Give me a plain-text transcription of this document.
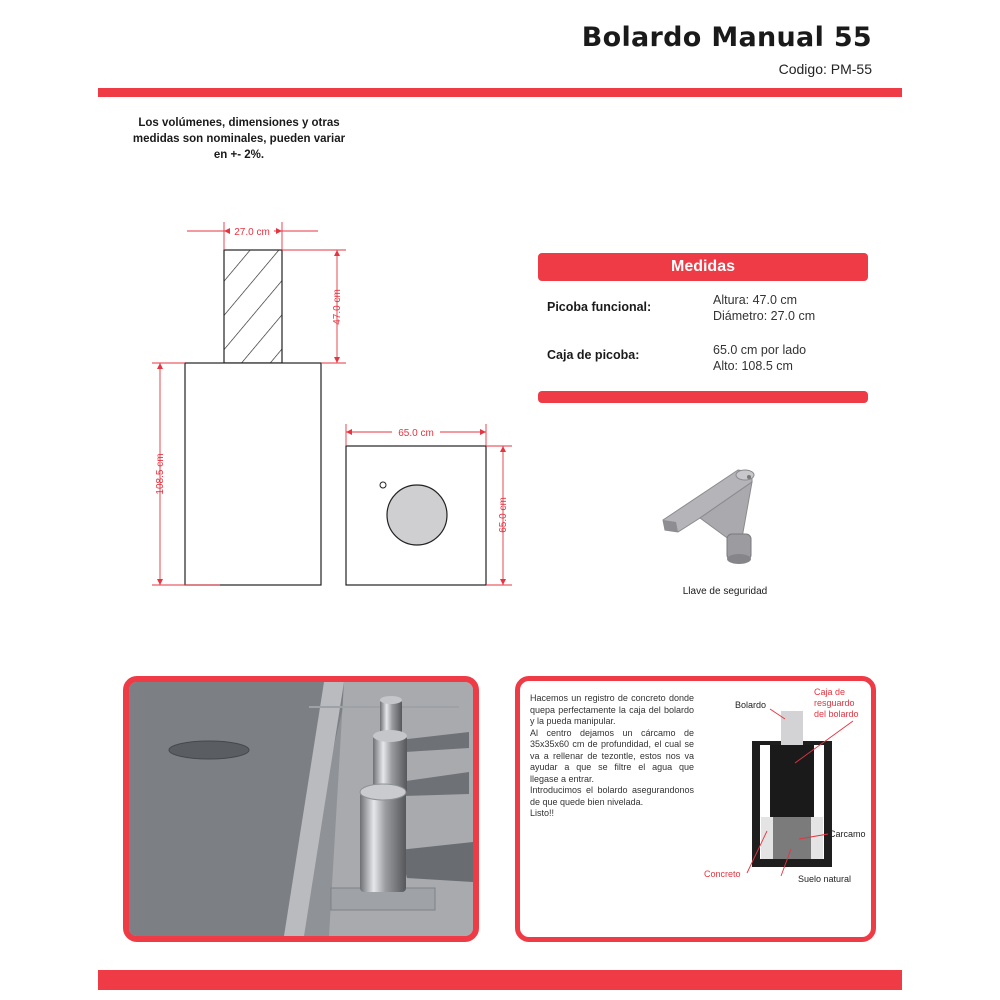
Bolardo Manual 55
Codigo: PM-55
Los volúmenes, dimensiones y otras medidas son nominales, pueden variar en +- 2%.
27.0 cm
47.0 cm
108.5 cm
65.0 cm
65.0 cm
Medidas
Picoba funcional:	Altura: 47.0 cm
Diámetro: 27.0 cm
Caja de picoba:	65.0 cm por lado
Alto: 108.5 cm
Llave de seguridad

Hacemos un registro de concreto donde quepa perfectamente la caja del bolardo y la pueda manipular.

Al centro dejamos un cárcamo de 35x35x60 cm de profundidad, el cual se va a rellenar de tezontle, estos nos va ayudar a que se filtre el agua que llegase a entrar.

Introducimos el bolardo asegurandonos de que quede bien nivelada.

Listo!!

Bolardo
Caja de
resguardo
del bolardo
Carcamo
Concreto	Suelo natural
